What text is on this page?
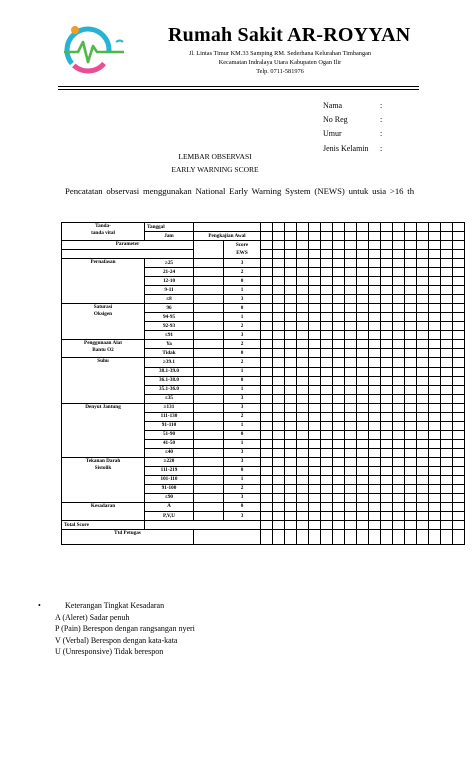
Rumah Sakit AR-ROYYAN
Jl. Lintas Timur KM.33 Samping RM. Sederhana Kelurahan Timbangan
Kecamatan Indralaya Utara Kabupaten Ogan Ilir
Telp. 0711-581976
Nama	:
No Reg	:
Umur	:
Jenis Kelamin :
LEMBAR OBSERVASI
EARLY WARNING SCORE
Pencatatan observasi menggunakan National Early Warning System (NEWS) untuk usia >16 th
Tanda-
tanda vital	Tanggal																			
	Jam	Pengkajian Awal																		
Parameter			Score
EWS																	

Pernafasan	≥25		3																	
	21-24		2																	
	12-10		0																	
	9-11		1																	
	≤8		3																	
Saturasi
Oksigen	96		0																	
	94-95		1																	
	92-93		2																	
	≤91		3																	
Penggunaan Alat
Bantu O2	Ya		2																	
	Tidak		0																	
Suhu	≥39.1		2																	
	38.1-39.0		1																	
	36.1-38.0		0																	
	35.1-36.0		1																	
	≤35		3																	
Denyut Jantung	≥131		3																	
	111-130		2																	
	91-110		1																	
	51-90		0																	
	41-50		1																	
	≤40		3																	
Tekanan Darah
Sistolik	≥220		3																	
	111-219		0																	
	101-110		1																	
	91-100		2																	
	≤90		3																	
Kesadaran	A		0																	
	P,V,U		3																	
Total Score																				
Ttd Petugas																				
•	Keterangan Tingkat Kesadaran
A (Aleret) Sadar penuh
P (Pain) Berespon dengan rangsangan nyeri
V (Verbal) Berespon dengan kata-kata
U (Unresponsive) Tidak berespon
